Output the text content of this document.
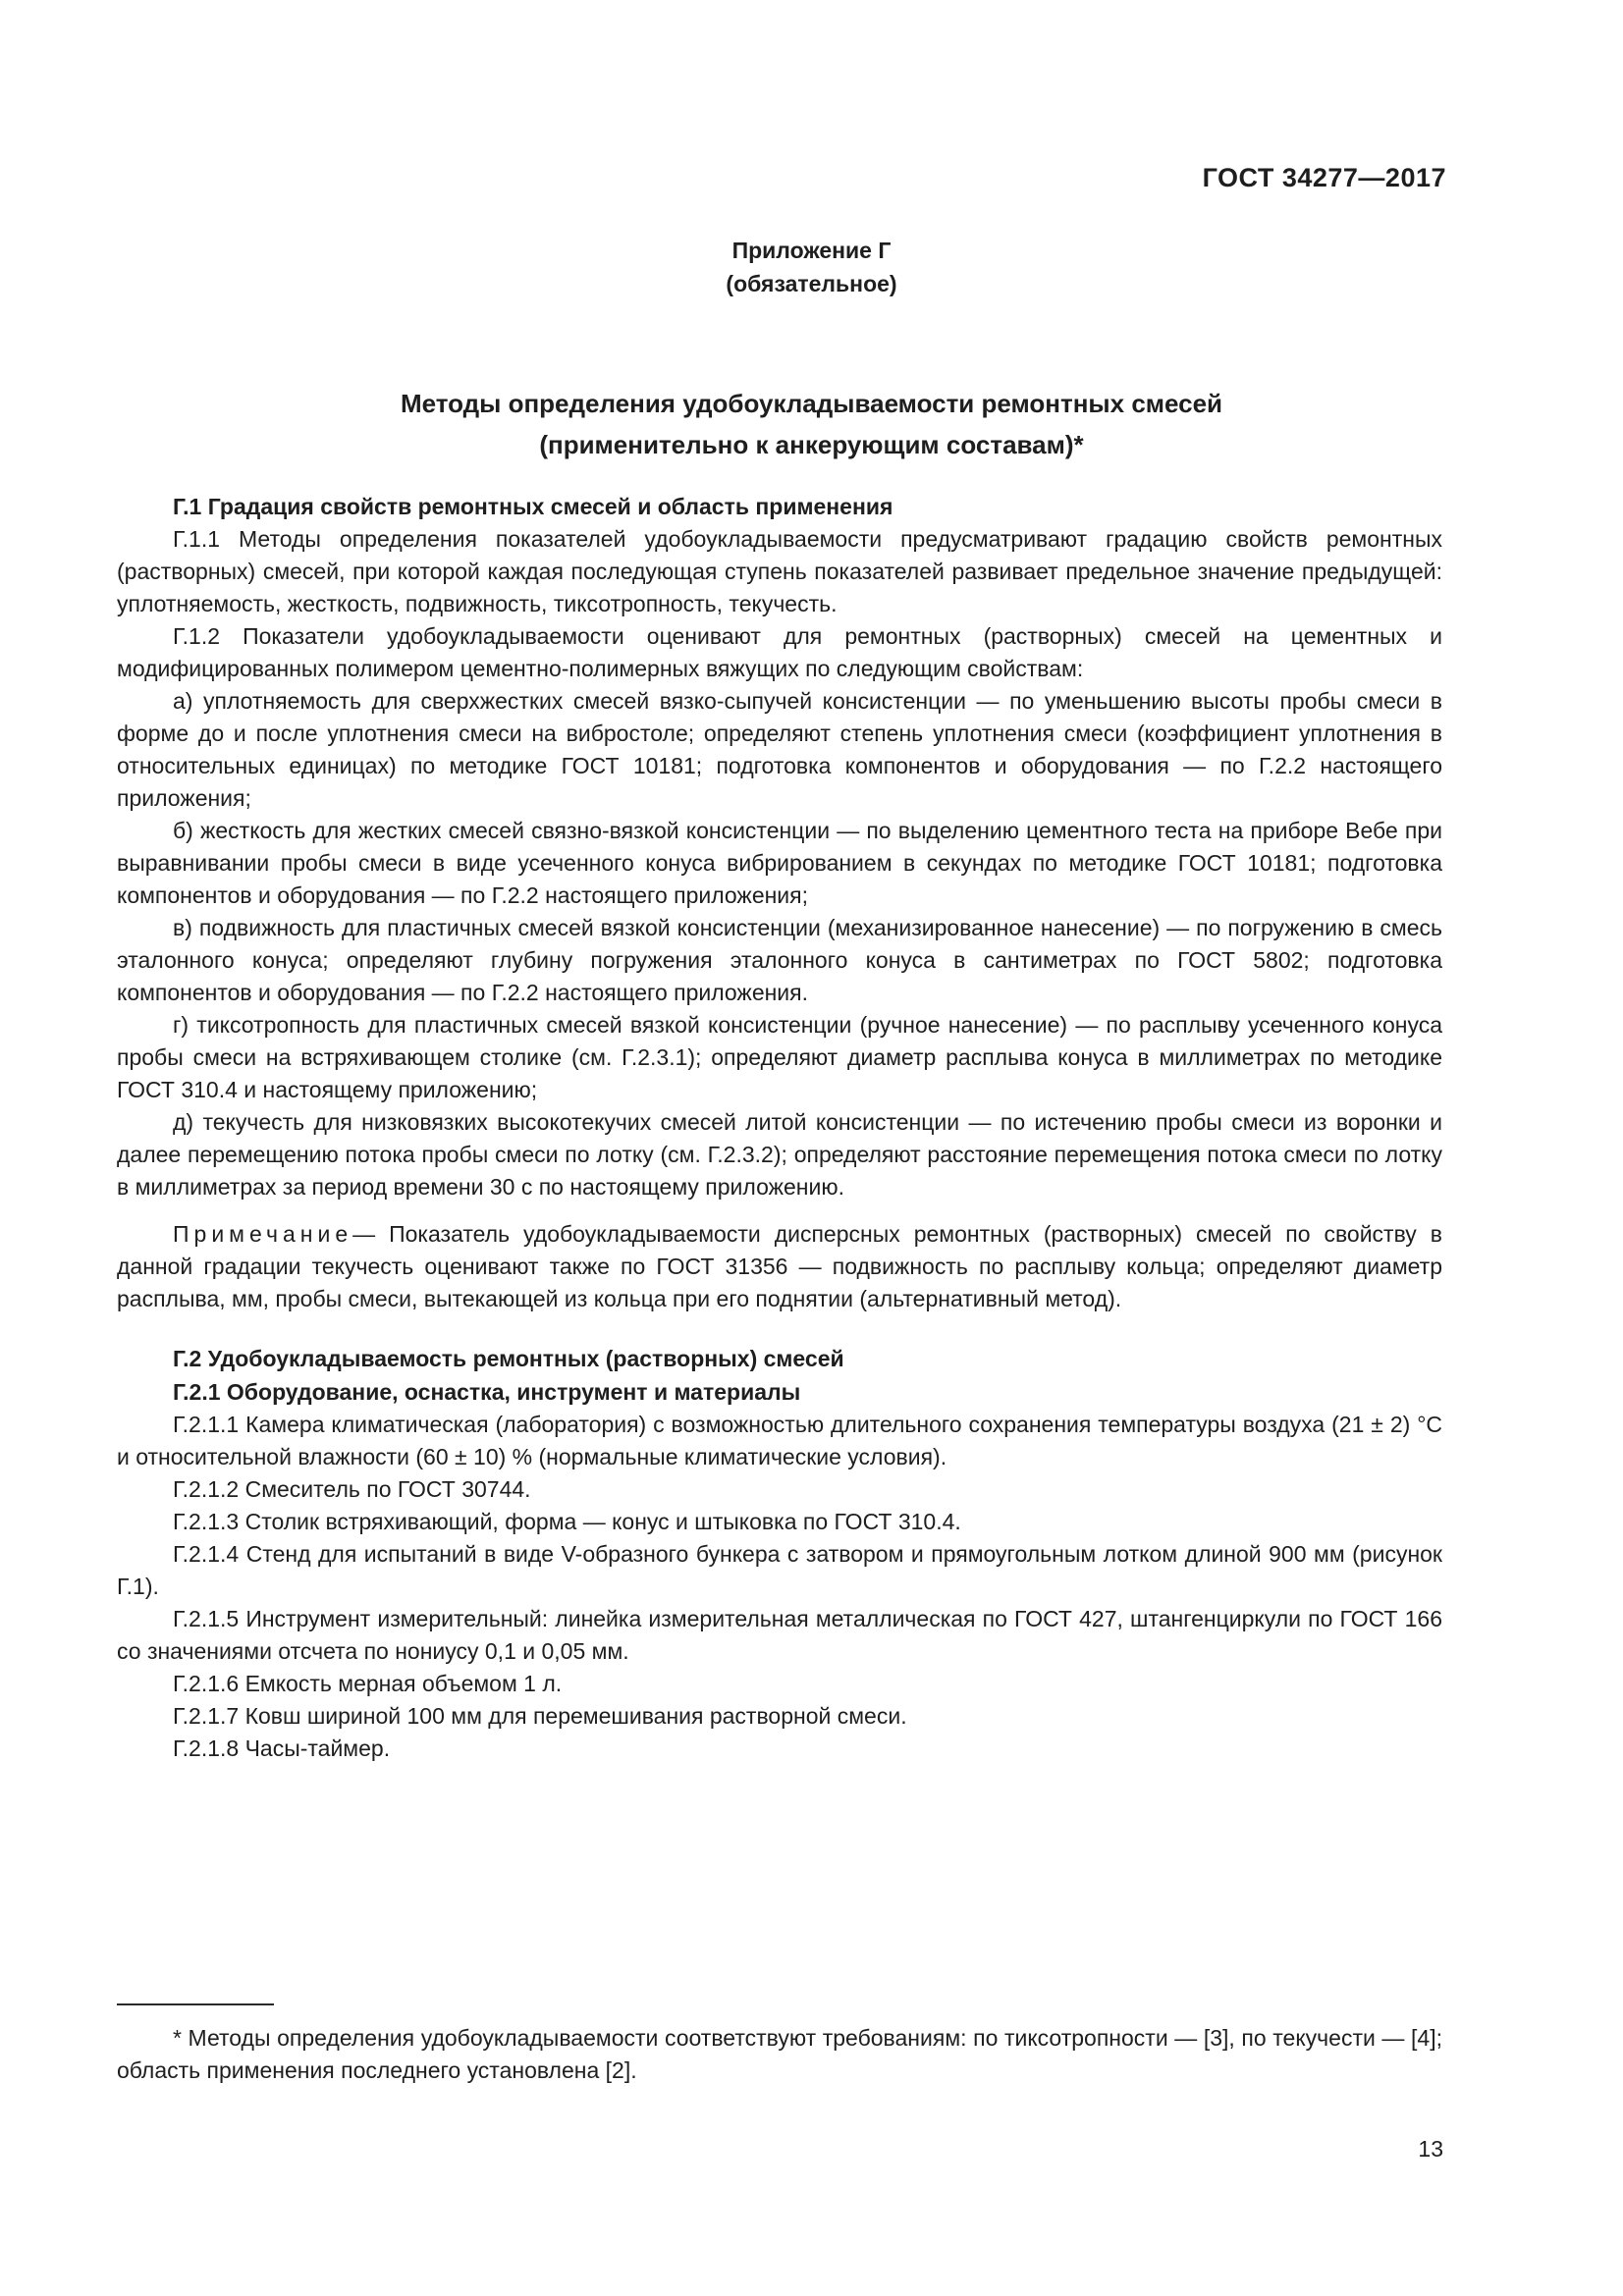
ГОСТ 34277—2017
Приложение Г
(обязательное)
Методы определения удобоукладываемости ремонтных смесей
(применительно к анкерующим составам)*

Г.1 Градация свойств ремонтных смесей и область применения

Г.1.1 Методы определения показателей удобоукладываемости предусматривают градацию свойств ремонтных (растворных) смесей, при которой каждая последующая ступень показателей развивает предельное значение предыдущей: уплотняемость, жесткость, подвижность, тиксотропность, текучесть.

Г.1.2 Показатели удобоукладываемости оценивают для ремонтных (растворных) смесей на цементных и модифицированных полимером цементно-полимерных вяжущих по следующим свойствам:

а) уплотняемость для сверхжестких смесей вязко-сыпучей консистенции — по уменьшению высоты пробы смеси в форме до и после уплотнения смеси на вибростоле; определяют степень уплотнения смеси (коэффициент уплотнения в относительных единицах) по методике ГОСТ 10181; подготовка компонентов и оборудования — по Г.2.2 настоящего приложения;

б) жесткость для жестких смесей связно-вязкой консистенции — по выделению цементного теста на приборе Вебе при выравнивании пробы смеси в виде усеченного конуса вибрированием в секундах по методике ГОСТ 10181; подготовка компонентов и оборудования — по Г.2.2 настоящего приложения;

в) подвижность для пластичных смесей вязкой консистенции (механизированное нанесение) — по погружению в смесь эталонного конуса; определяют глубину погружения эталонного конуса в сантиметрах по ГОСТ 5802; подготовка компонентов и оборудования — по Г.2.2 настоящего приложения.

г) тиксотропность для пластичных смесей вязкой консистенции (ручное нанесение) — по расплыву усеченного конуса пробы смеси на встряхивающем столике (см. Г.2.3.1); определяют диаметр расплыва конуса в миллиметрах по методике ГОСТ 310.4 и настоящему приложению;

д) текучесть для низковязких высокотекучих смесей литой консистенции — по истечению пробы смеси из воронки и далее перемещению потока пробы смеси по лотку (см. Г.2.3.2); определяют расстояние перемещения потока смеси по лотку в миллиметрах за период времени 30 с по настоящему приложению.

Примечание— Показатель удобоукладываемости дисперсных ремонтных (растворных) смесей по свойству в данной градации текучесть оценивают также по ГОСТ 31356 — подвижность по расплыву кольца; определяют диаметр расплыва, мм, пробы смеси, вытекающей из кольца при его поднятии (альтернативный метод).

Г.2 Удобоукладываемость ремонтных (растворных) смесей

Г.2.1 Оборудование, оснастка, инструмент и материалы

Г.2.1.1 Камера климатическая (лаборатория) с возможностью длительного сохранения температуры воздуха (21 ± 2) °С и относительной влажности (60 ± 10) % (нормальные климатические условия).

Г.2.1.2 Смеситель по ГОСТ 30744.

Г.2.1.3 Столик встряхивающий, форма — конус и штыковка по ГОСТ 310.4.

Г.2.1.4 Стенд для испытаний в виде V-образного бункера с затвором и прямоугольным лотком длиной 900 мм (рисунок Г.1).

Г.2.1.5 Инструмент измерительный: линейка измерительная металлическая по ГОСТ 427, штангенциркули по ГОСТ 166 со значениями отсчета по нониусу 0,1 и 0,05 мм.

Г.2.1.6 Емкость мерная объемом 1 л.

Г.2.1.7 Ковш шириной 100 мм для перемешивания растворной смеси.

Г.2.1.8 Часы-таймер.

* Методы определения удобоукладываемости соответствуют требованиям: по тиксотропности — [3], по текучести — [4]; область применения последнего установлена [2].

13
